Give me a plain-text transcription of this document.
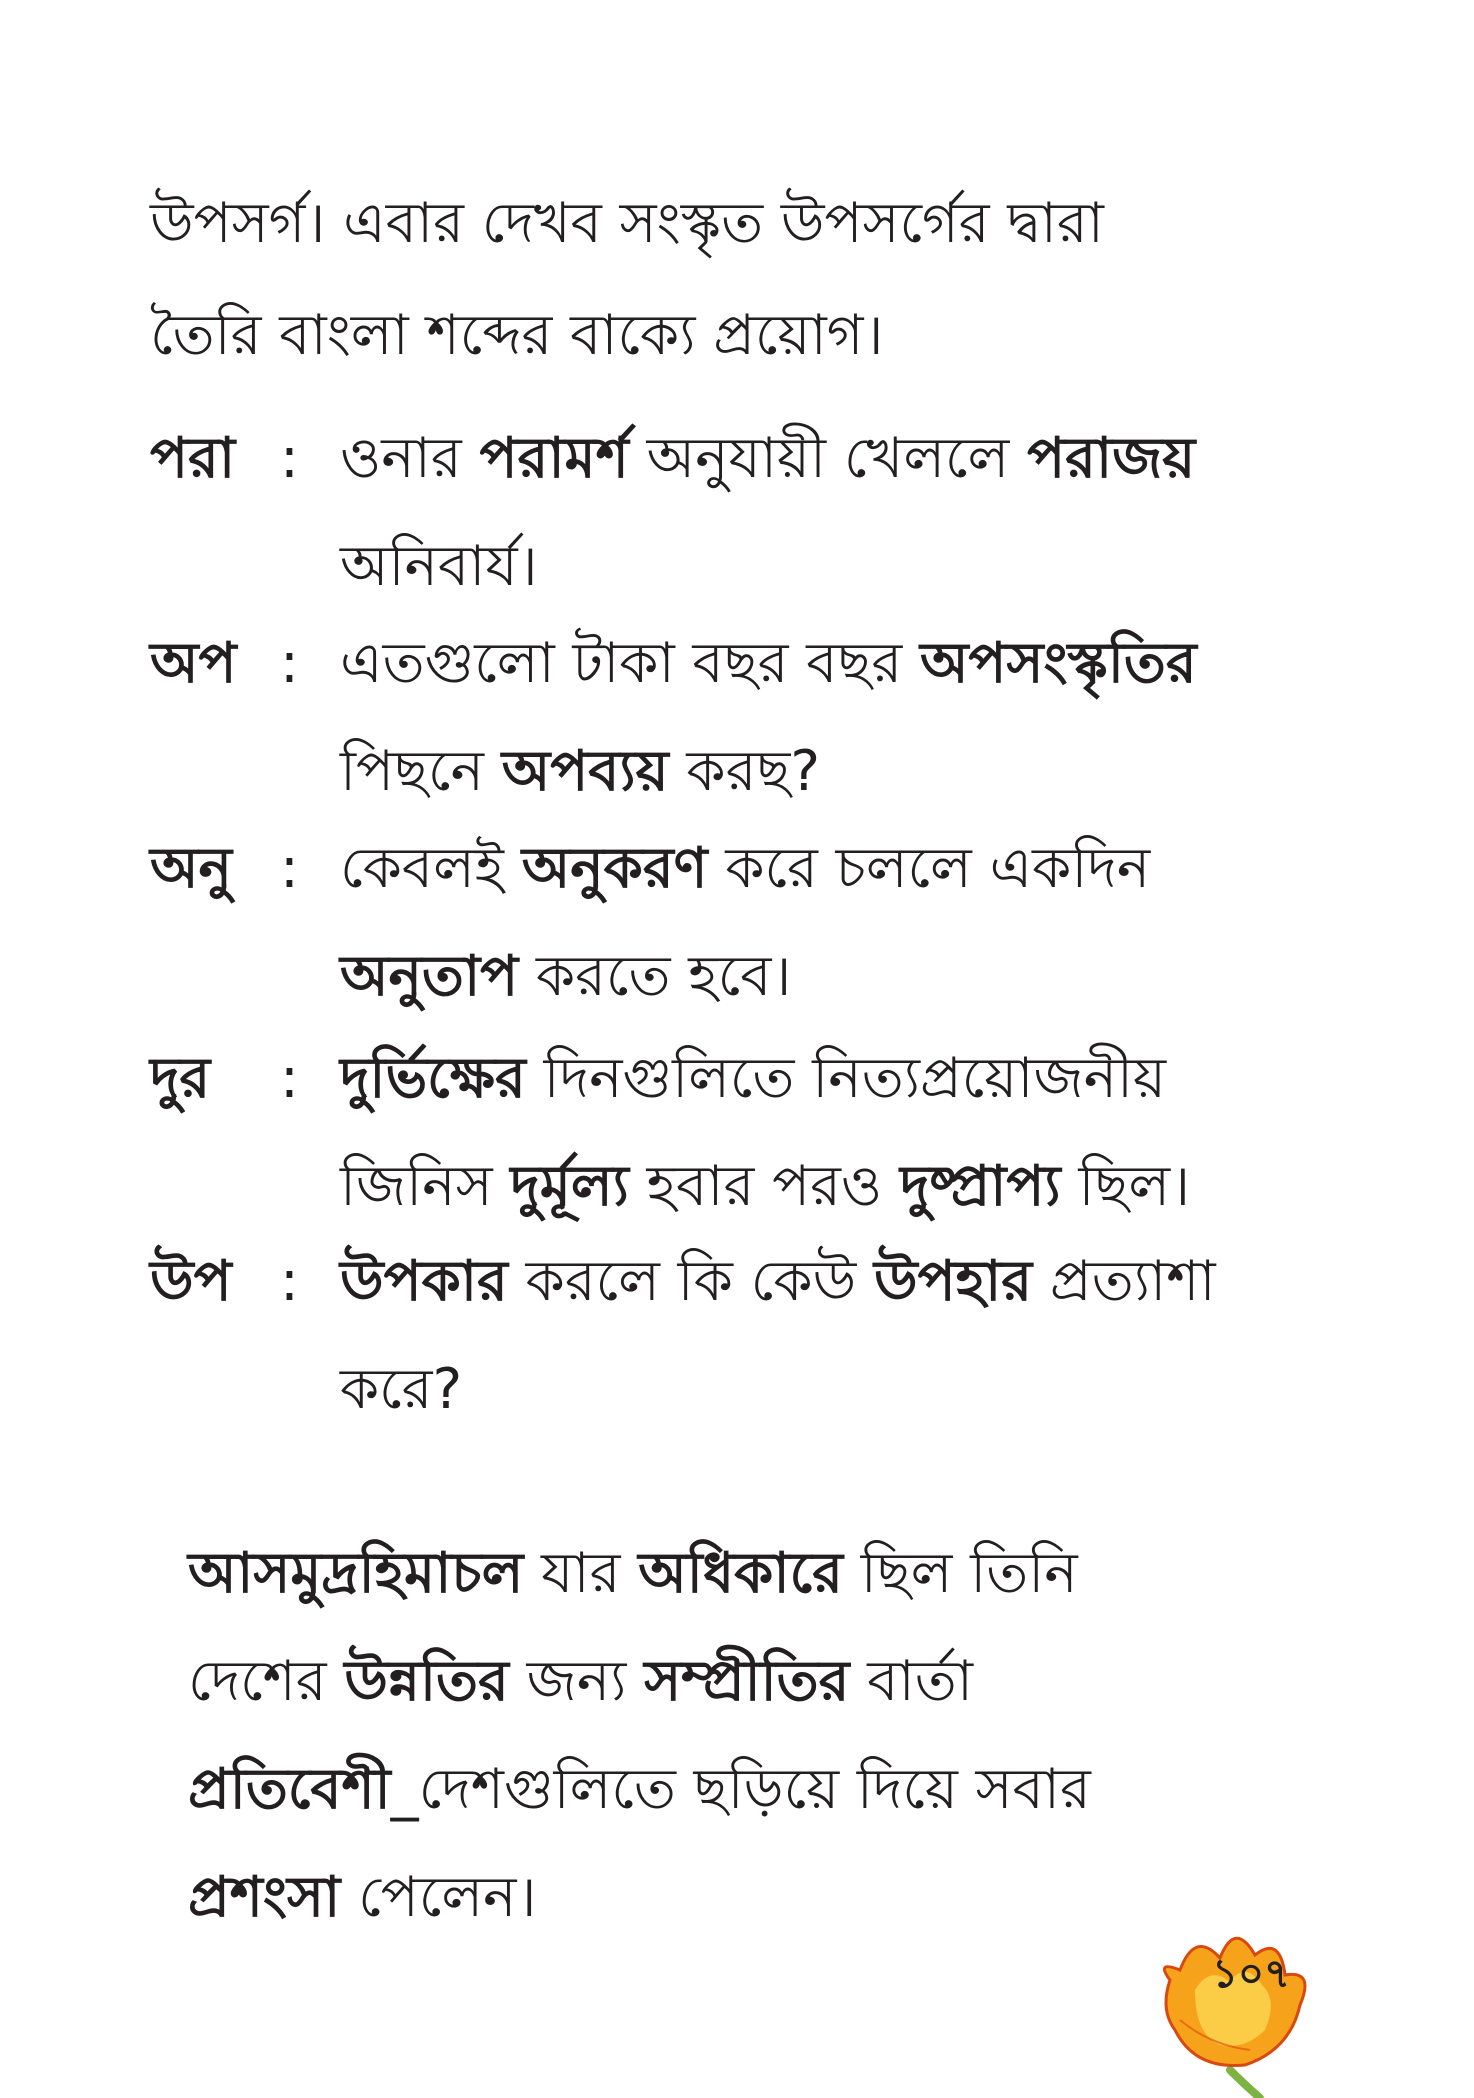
উপসর্গ। এবার দেখব সংস্কৃত উপসর্গের দ্বারা
তৈরি বাংলা শব্দের বাক্যে প্রয়োগ।
পরা : ওনার পরামর্শ অনুযায়ী খেললে পরাজয়
অনিবার্য।
অপ : এতগুলো টাকা বছর বছর অপসংস্কৃতির
পিছনে অপব্যয় করছ?
অনু : কেবলই অনুকরণ করে চললে একদিন
অনুতাপ করতে হবে।
দুর : দুর্ভিক্ষের দিনগুলিতে নিত্যপ্রয়োজনীয়
জিনিস দুর্মূল্য হবার পরও দুষ্প্রাপ্য ছিল।
উপ : উপকার করলে কি কেউ উপহার প্রত্যাশা
করে?
আসমুদ্রহিমাচল যার অধিকারে ছিল তিনি
দেশের উন্নতির জন্য সম্প্রীতির বার্তা
প্রতিবেশী_দেশগুলিতে ছড়িয়ে দিয়ে সবার
প্রশংসা পেলেন।
১০৭
